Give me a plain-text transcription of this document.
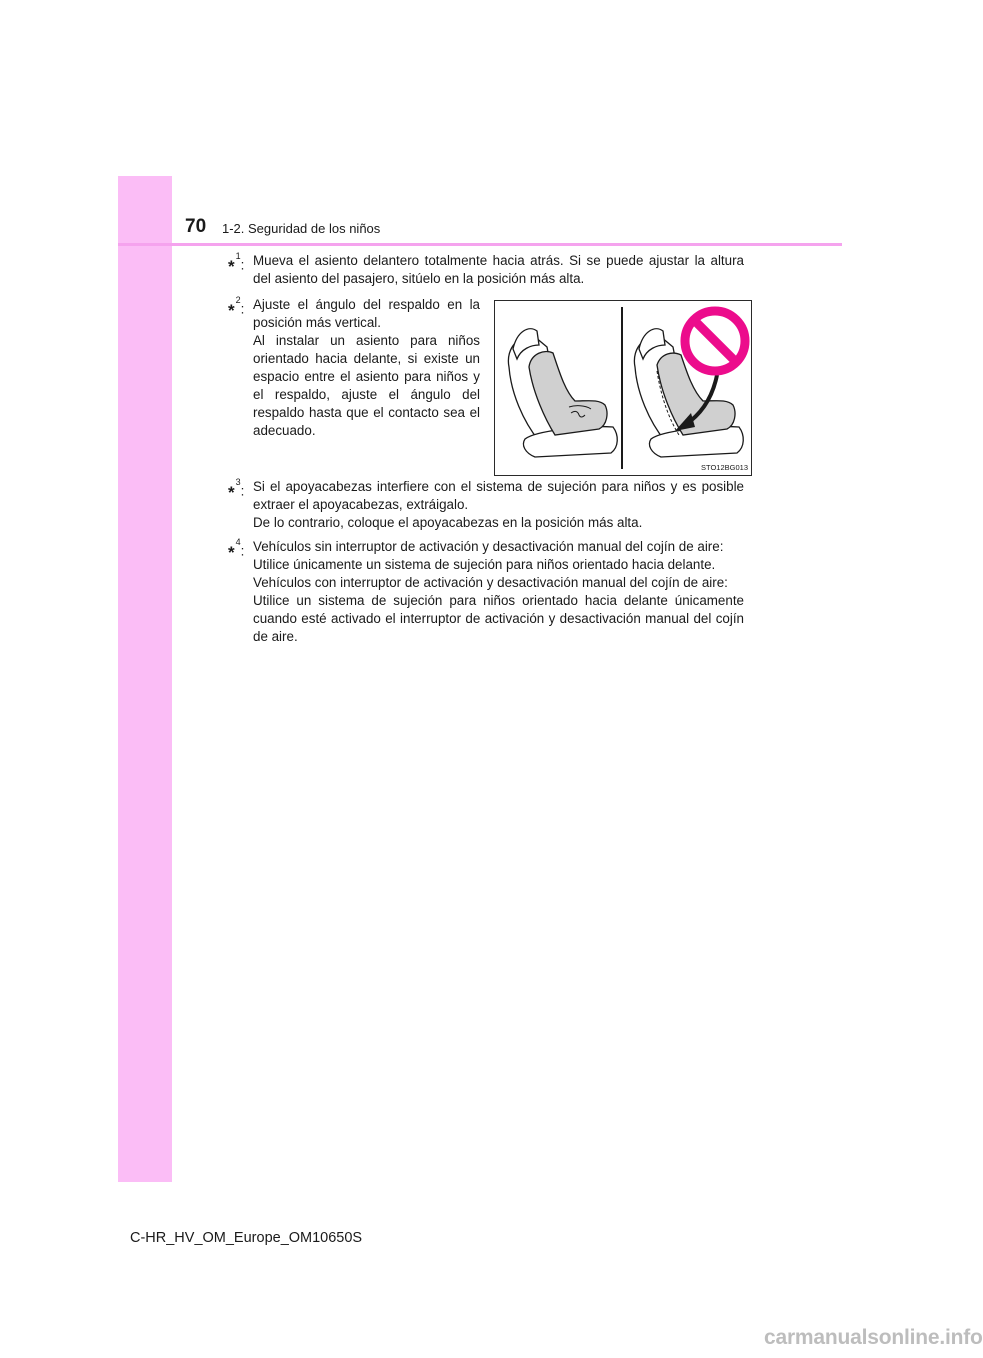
70 1-2. Seguridad de los niños
*$^1$: Mueva el asiento delantero totalmente hacia atrás. Si se puede ajustar la altura del asiento del pasajero, sitúelo en la posición más alta.

*$^2$: Ajuste el ángulo del respaldo en la posición más vertical.

Al instalar un asiento para niños orientado hacia delante, si existe un espacio entre el asiento para niños y el respaldo, ajuste el ángulo del respaldo hasta que el contacto sea el adecuado.

STO12BG013
*$^3$: Si el apoyacabezas interfiere con el sistema de sujeción para niños y es posible extraer el apoyacabezas, extráigalo.

De lo contrario, coloque el apoyacabezas en la posición más alta.

*$^4$: Vehículos sin interruptor de activación y desactivación manual del cojín de aire:

Utilice únicamente un sistema de sujeción para niños orientado hacia delante.

Vehículos con interruptor de activación y desactivación manual del cojín de aire:

Utilice un sistema de sujeción para niños orientado hacia delante únicamente cuando esté activado el interruptor de activación y desactivación manual del cojín de aire.

C-HR_HV_OM_Europe_OM10650S
carmanualsonline.info
